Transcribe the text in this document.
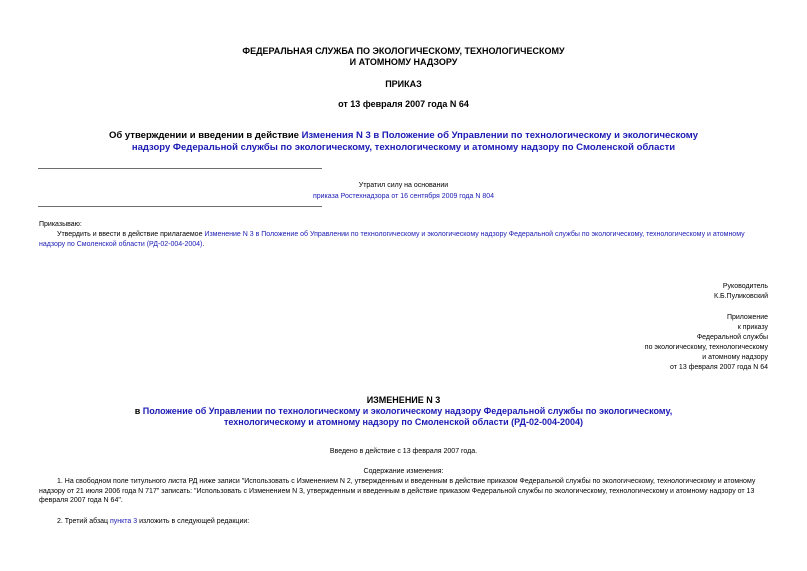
ФЕДЕРАЛЬНАЯ СЛУЖБА ПО ЭКОЛОГИЧЕСКОМУ, ТЕХНОЛОГИЧЕСКОМУ
И АТОМНОМУ НАДЗОРУ
ПРИКАЗ
от 13 февраля 2007 года N 64
Об утверждении и введении в действие Изменения N 3 в Положение об Управлении по технологическому и экологическому
надзору Федеральной службы по экологическому, технологическому и атомному надзору по Смоленской области
Утратил силу на основании
приказа Ростехнадзора от 16 сентября 2009 года N 804
Приказываю:
Утвердить и ввести в действие прилагаемое Изменение N 3 в Положение об Управлении по технологическому и экологическому надзору Федеральной службы по экологическому, технологическому и атомному надзору по Смоленской области (РД-02-004-2004).
Руководитель
К.Б.Пуликовский
Приложение
к приказу
Федеральной службы
по экологическому, технологическому
и атомному надзору
от 13 февраля 2007 года N 64
ИЗМЕНЕНИЕ N 3
в Положение об Управлении по технологическому и экологическому надзору Федеральной службы по экологическому,
технологическому и атомному надзору по Смоленской области (РД-02-004-2004)
Введено в действие с 13 февраля 2007 года.
Содержание изменения:
1. На свободном поле титульного листа РД ниже записи "Использовать с Изменением N 2, утвержденным и введенным в действие приказом Федеральной службы по экологическому, технологическому и атомному надзору от 21 июля 2006 года N 717" записать: "Использовать с Изменением N 3, утвержденным и введенным в действие приказом Федеральной службы по экологическому, технологическому и атомному надзору от 13 февраля 2007 года N 64".
2. Третий абзац пункта 3 изложить в следующей редакции:
